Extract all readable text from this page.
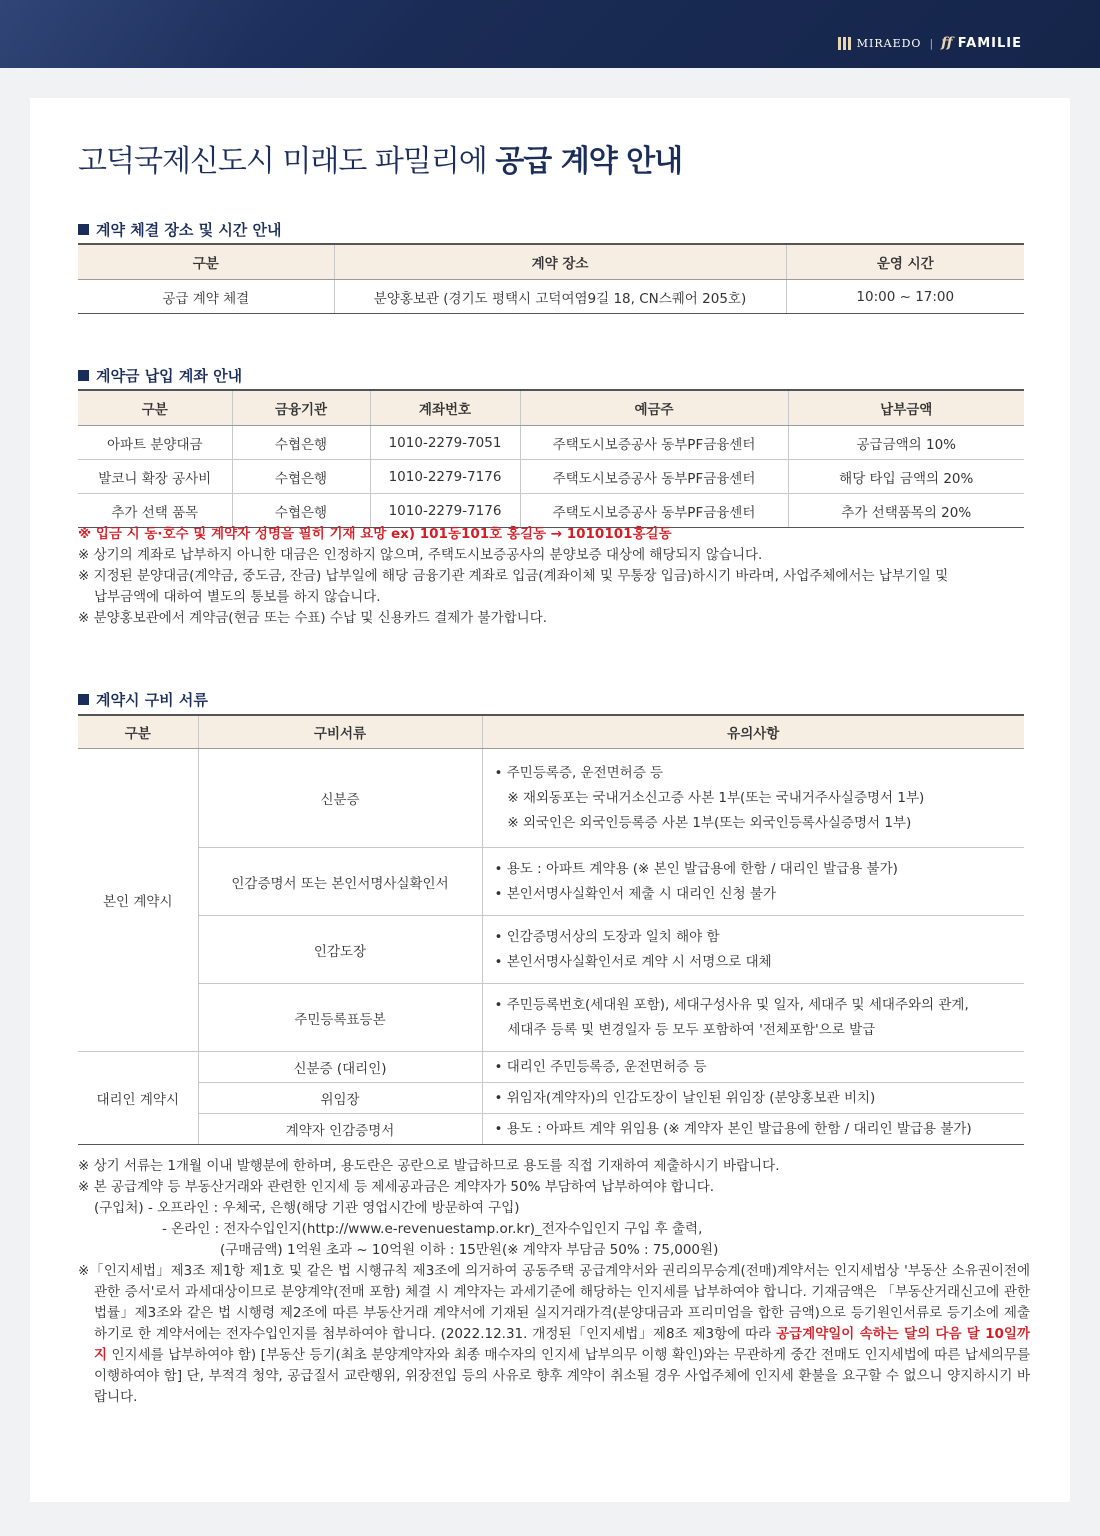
MIRAEDO | ff FAMILIE
고덕국제신도시 미래도 파밀리에 공급 계약 안내
계약 체결 장소 및 시간 안내
구분	계약 장소	운영 시간
공급 계약 체결	분양홍보관 (경기도 평택시 고덕여염9길 18, CN스퀘어 205호)	10:00 ~ 17:00
계약금 납입 계좌 안내
구분	금융기관	계좌번호	예금주	납부금액
아파트 분양대금	수협은행	1010-2279-7051	주택도시보증공사 동부PF금융센터	공급금액의 10%
발코니 확장 공사비	수협은행	1010-2279-7176	주택도시보증공사 동부PF금융센터	해당 타입 금액의 20%
추가 선택 품목	수협은행	1010-2279-7176	주택도시보증공사 동부PF금융센터	추가 선택품목의 20%

※ 입금 시 동·호수 및 계약자 성명을 필히 기재 요망 ex) 101동101호 홍길동 → 1010101홍길동

※ 상기의 계좌로 납부하지 아니한 대금은 인정하지 않으며, 주택도시보증공사의 분양보증 대상에 해당되지 않습니다.

※ 지정된 분양대금(계약금, 중도금, 잔금) 납부일에 해당 금융기관 계좌로 입금(계좌이체 및 무통장 입금)하시기 바라며, 사업주체에서는 납부기일 및

납부금액에 대하여 별도의 통보를 하지 않습니다.

※ 분양홍보관에서 계약금(현금 또는 수표) 수납 및 신용카드 결제가 불가합니다.

계약시 구비 서류
구분	구비서류	유의사항
본인 계약시	신분증	• 주민등록증, 운전면허증 등
※ 재외동포는 국내거소신고증 사본 1부(또는 국내거주사실증명서 1부)
※ 외국인은 외국인등록증 사본 1부(또는 외국인등록사실증명서 1부)

	인감증명서 또는 본인서명사실확인서	• 용도 : 아파트 계약용 (※ 본인 발급용에 한함 / 대리인 발급용 불가)
• 본인서명사실확인서 제출 시 대리인 신청 불가

	인감도장	• 인감증명서상의 도장과 일치 해야 함
• 본인서명사실확인서로 계약 시 서명으로 대체

	주민등록표등본	• 주민등록번호(세대원 포함), 세대구성사유 및 일자, 세대주 및 세대주와의 관계,
세대주 등록 및 변경일자 등 모두 포함하여 '전체포함'으로 발급

대리인 계약시	신분증 (대리인)	• 대리인 주민등록증, 운전면허증 등

	위임장	• 위임자(계약자)의 인감도장이 날인된 위임장 (분양홍보관 비치)

	계약자 인감증명서	• 용도 : 아파트 계약 위임용 (※ 계약자 본인 발급용에 한함 / 대리인 발급용 불가)

※ 상기 서류는 1개월 이내 발행분에 한하며, 용도란은 공란으로 발급하므로 용도를 직접 기재하여 제출하시기 바랍니다.

※ 본 공급계약 등 부동산거래와 관련한 인지세 등 제세공과금은 계약자가 50% 부담하여 납부하여야 합니다.

(구입처) - 오프라인 : 우체국, 은행(해당 기관 영업시간에 방문하여 구입)

- 온라인 : 전자수입인지(http://www.e-revenuestamp.or.kr)_전자수입인지 구입 후 출력,

(구매금액) 1억원 초과 ~ 10억원 이하 : 15만원(※ 계약자 부담금 50% : 75,000원)

※「인지세법」제3조 제1항 제1호 및 같은 법 시행규칙 제3조에 의거하여 공동주택 공급계약서와 권리의무승계(전매)계약서는 인지세법상 '부동산 소유권이전에 관한 증서'로서 과세대상이므로 분양계약(전매 포함) 체결 시 계약자는 과세기준에 해당하는 인지세를 납부하여야 합니다. 기재금액은 「부동산거래신고에 관한 법률」제3조와 같은 법 시행령 제2조에 따른 부동산거래 계약서에 기재된 실지거래가격(분양대금과 프리미엄을 합한 금액)으로 등기원인서류로 등기소에 제출하기로 한 계약서에는 전자수입인지를 첨부하여야 합니다. (2022.12.31. 개정된「인지세법」제8조 제3항에 따라 공급계약일이 속하는 달의 다음 달 10일까지 인지세를 납부하여야 함) [부동산 등기(최초 분양계약자와 최종 매수자의 인지세 납부의무 이행 확인)와는 무관하게 중간 전매도 인지세법에 따른 납세의무를 이행하여야 함] 단, 부적격 청약, 공급질서 교란행위, 위장전입 등의 사유로 향후 계약이 취소될 경우 사업주체에 인지세 환불을 요구할 수 없으니 양지하시기 바랍니다.
